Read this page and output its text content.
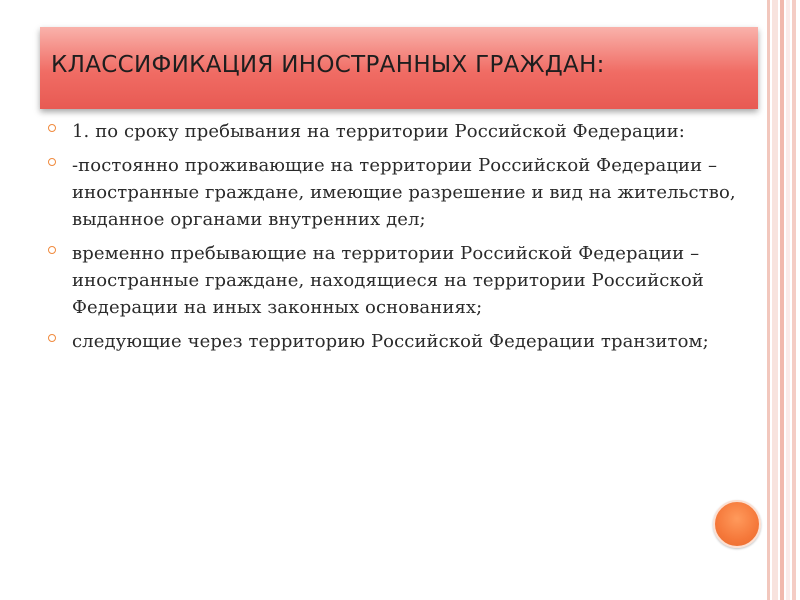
КЛАССИФИКАЦИЯ ИНОСТРАННЫХ ГРАЖДАН:
1. по сроку пребывания на территории Российской Федерации:
-постоянно проживающие на территории Российской Федерации – иностранные граждане, имеющие разрешение и вид на жительство, выданное органами внутренних дел;
временно пребывающие на территории Российской Федерации – иностранные граждане, находящиеся на территории Российской Федерации на иных законных основаниях;
следующие через территорию Российской Федерации транзитом;
